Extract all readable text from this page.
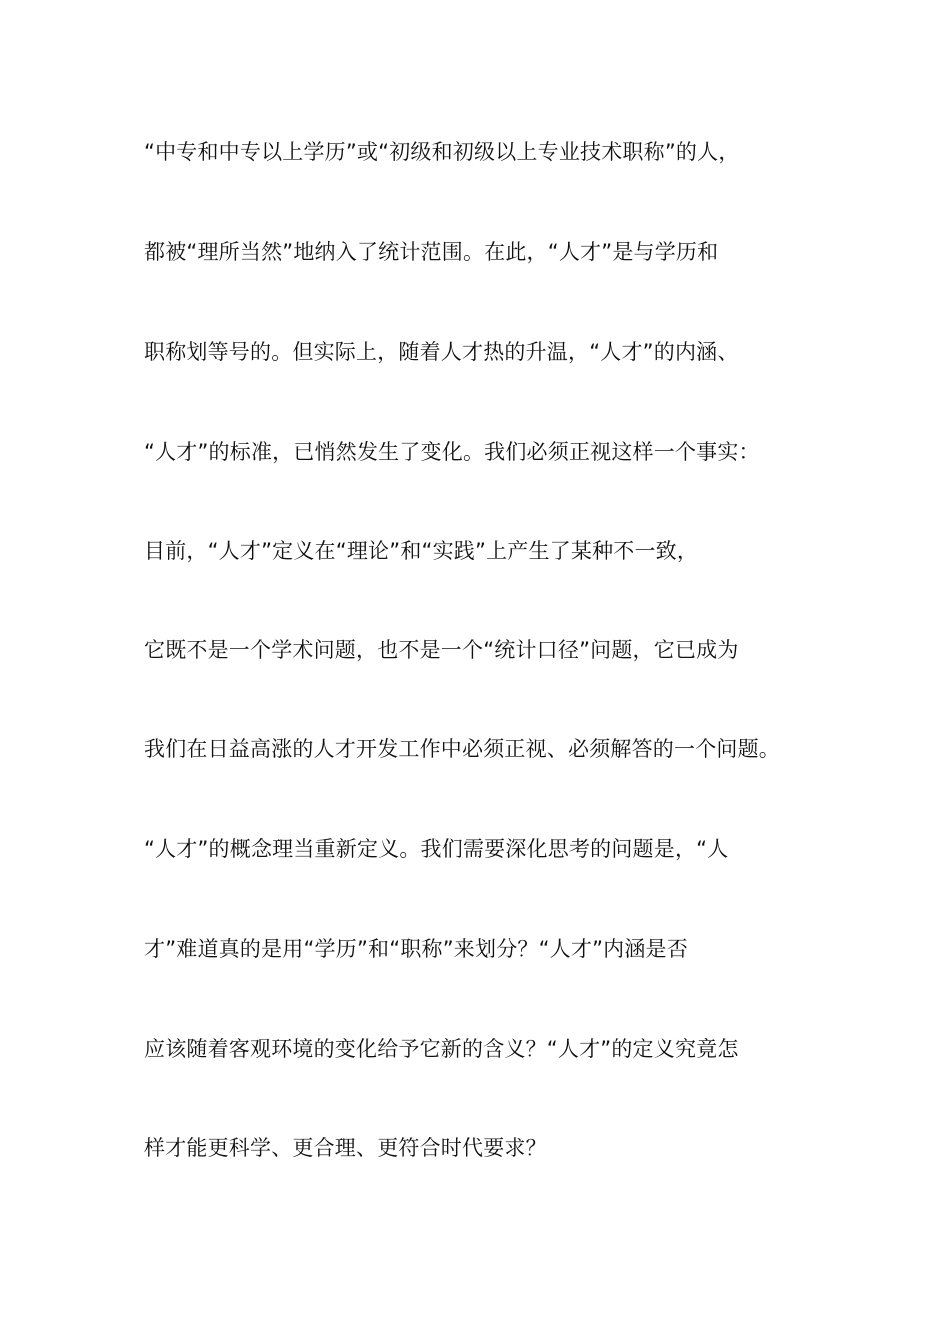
“中专和中专以上学历”或“初级和初级以上专业技术职称”的人，
都被“理所当然”地纳入了统计范围。在此，“人才”是与学历和
职称划等号的。但实际上，随着人才热的升温，“人才”的内涵、
“人才”的标准，已悄然发生了变化。我们必须正视这样一个事实：
目前，“人才”定义在“理论”和“实践”上产生了某种不一致，
它既不是一个学术问题，也不是一个“统计口径”问题，它已成为
我们在日益高涨的人才开发工作中必须正视、必须解答的一个问题。
“人才”的概念理当重新定义。我们需要深化思考的问题是，“人
才”难道真的是用“学历”和“职称”来划分？“人才”内涵是否
应该随着客观环境的变化给予它新的含义？“人才”的定义究竟怎
样才能更科学、更合理、更符合时代要求？
